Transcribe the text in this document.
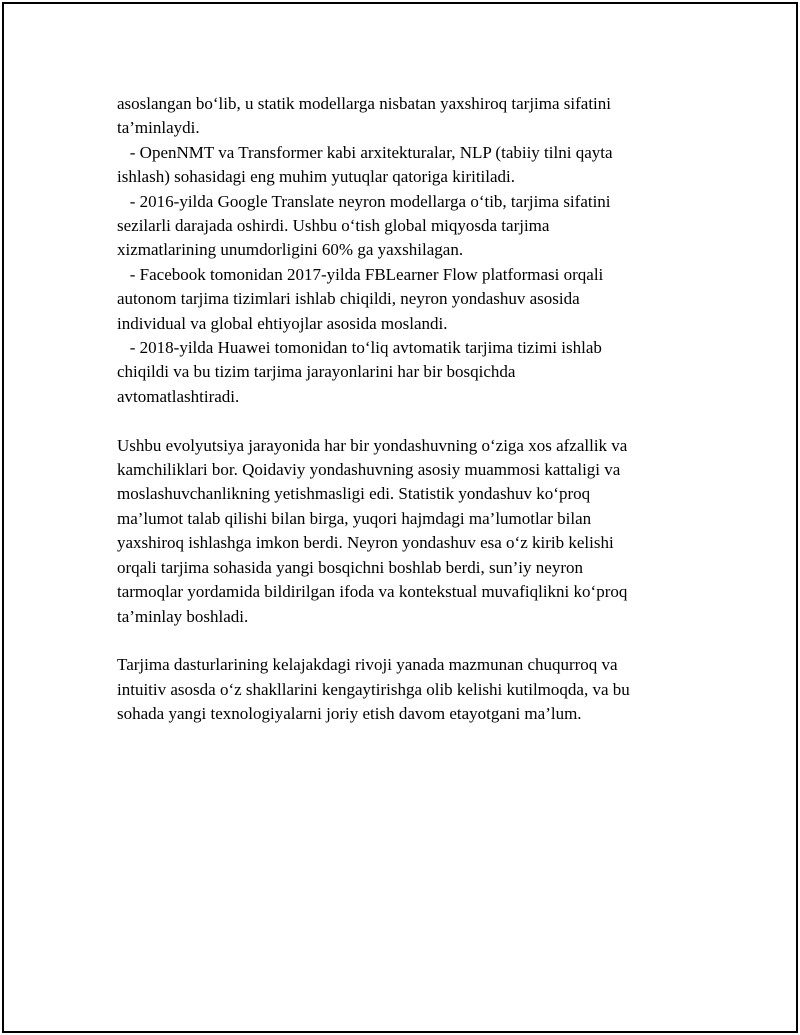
asoslangan bo‘lib, u statik modellarga nisbatan yaxshiroq tarjima sifatini
ta’minlaydi.
- OpenNMT va Transformer kabi arxitekturalar, NLP (tabiiy tilni qayta
ishlash) sohasidagi eng muhim yutuqlar qatoriga kiritiladi.
- 2016-yilda Google Translate neyron modellarga o‘tib, tarjima sifatini
sezilarli darajada oshirdi. Ushbu o‘tish global miqyosda tarjima
xizmatlarining unumdorligini 60% ga yaxshilagan.
- Facebook tomonidan 2017-yilda FBLearner Flow platformasi orqali
autonom tarjima tizimlari ishlab chiqildi, neyron yondashuv asosida
individual va global ehtiyojlar asosida moslandi.
- 2018-yilda Huawei tomonidan to‘liq avtomatik tarjima tizimi ishlab
chiqildi va bu tizim tarjima jarayonlarini har bir bosqichda
avtomatlashtiradi.
Ushbu evolyutsiya jarayonida har bir yondashuvning o‘ziga xos afzallik va
kamchiliklari bor. Qoidaviy yondashuvning asosiy muammosi kattaligi va
moslashuvchanlikning yetishmasligi edi. Statistik yondashuv ko‘proq
ma’lumot talab qilishi bilan birga, yuqori hajmdagi ma’lumotlar bilan
yaxshiroq ishlashga imkon berdi. Neyron yondashuv esa o‘z kirib kelishi
orqali tarjima sohasida yangi bosqichni boshlab berdi, sun’iy neyron
tarmoqlar yordamida bildirilgan ifoda va kontekstual muvafiqlikni ko‘proq
ta’minlay boshladi.
Tarjima dasturlarining kelajakdagi rivoji yanada mazmunan chuqurroq va
intuitiv asosda o‘z shakllarini kengaytirishga olib kelishi kutilmoqda, va bu
sohada yangi texnologiyalarni joriy etish davom etayotgani ma’lum.
